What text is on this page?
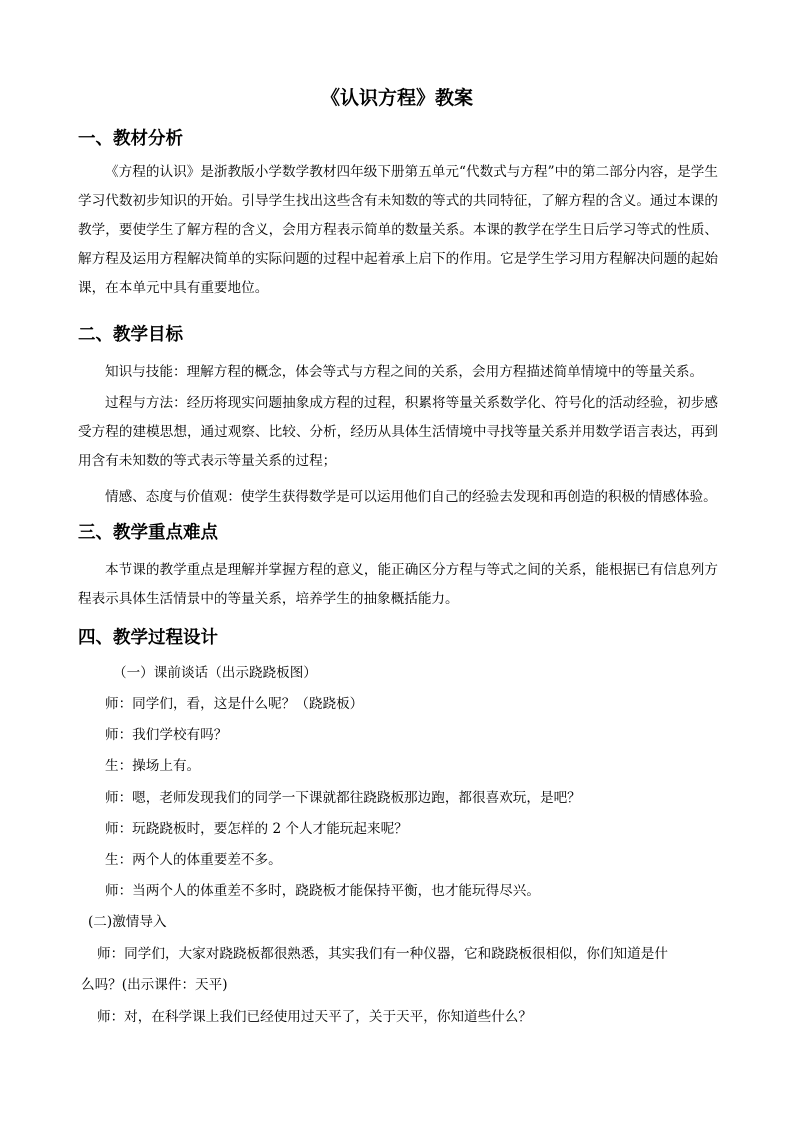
《认识方程》教案
一、教材分析

《方程的认识》是浙教版小学数学教材四年级下册第五单元“代数式与方程”中的第二部分内容，是学生学习代数初步知识的开始。引导学生找出这些含有未知数的等式的共同特征，了解方程的含义。通过本课的教学，要使学生了解方程的含义，会用方程表示简单的数量关系。本课的教学在学生日后学习等式的性质、解方程及运用方程解决简单的实际问题的过程中起着承上启下的作用。它是学生学习用方程解决问题的起始课，在本单元中具有重要地位。

二、教学目标

知识与技能：理解方程的概念，体会等式与方程之间的关系，会用方程描述简单情境中的等量关系。

过程与方法：经历将现实问题抽象成方程的过程，积累将等量关系数学化、符号化的活动经验，初步感受方程的建模思想，通过观察、比较、分析，经历从具体生活情境中寻找等量关系并用数学语言表达，再到用含有未知数的等式表示等量关系的过程；

情感、态度与价值观：使学生获得数学是可以运用他们自己的经验去发现和再创造的积极的情感体验。

三、教学重点难点

本节课的教学重点是理解并掌握方程的意义，能正确区分方程与等式之间的关系，能根据已有信息列方程表示具体生活情景中的等量关系，培养学生的抽象概括能力。

四、教学过程设计
（一）课前谈话（出示跷跷板图）
师：同学们，看，这是什么呢？（跷跷板）
师：我们学校有吗？
生：操场上有。
师：嗯，老师发现我们的同学一下课就都往跷跷板那边跑，都很喜欢玩，是吧？
师：玩跷跷板时，要怎样的 2 个人才能玩起来呢？
生：两个人的体重要差不多。
师：当两个人的体重差不多时，跷跷板才能保持平衡，也才能玩得尽兴。
(二)激情导入
师：同学们，大家对跷跷板都很熟悉，其实我们有一种仪器，它和跷跷板很相似，你们知道是什
么吗？(出示课件：天平)
师：对，在科学课上我们已经使用过天平了，关于天平，你知道些什么？
